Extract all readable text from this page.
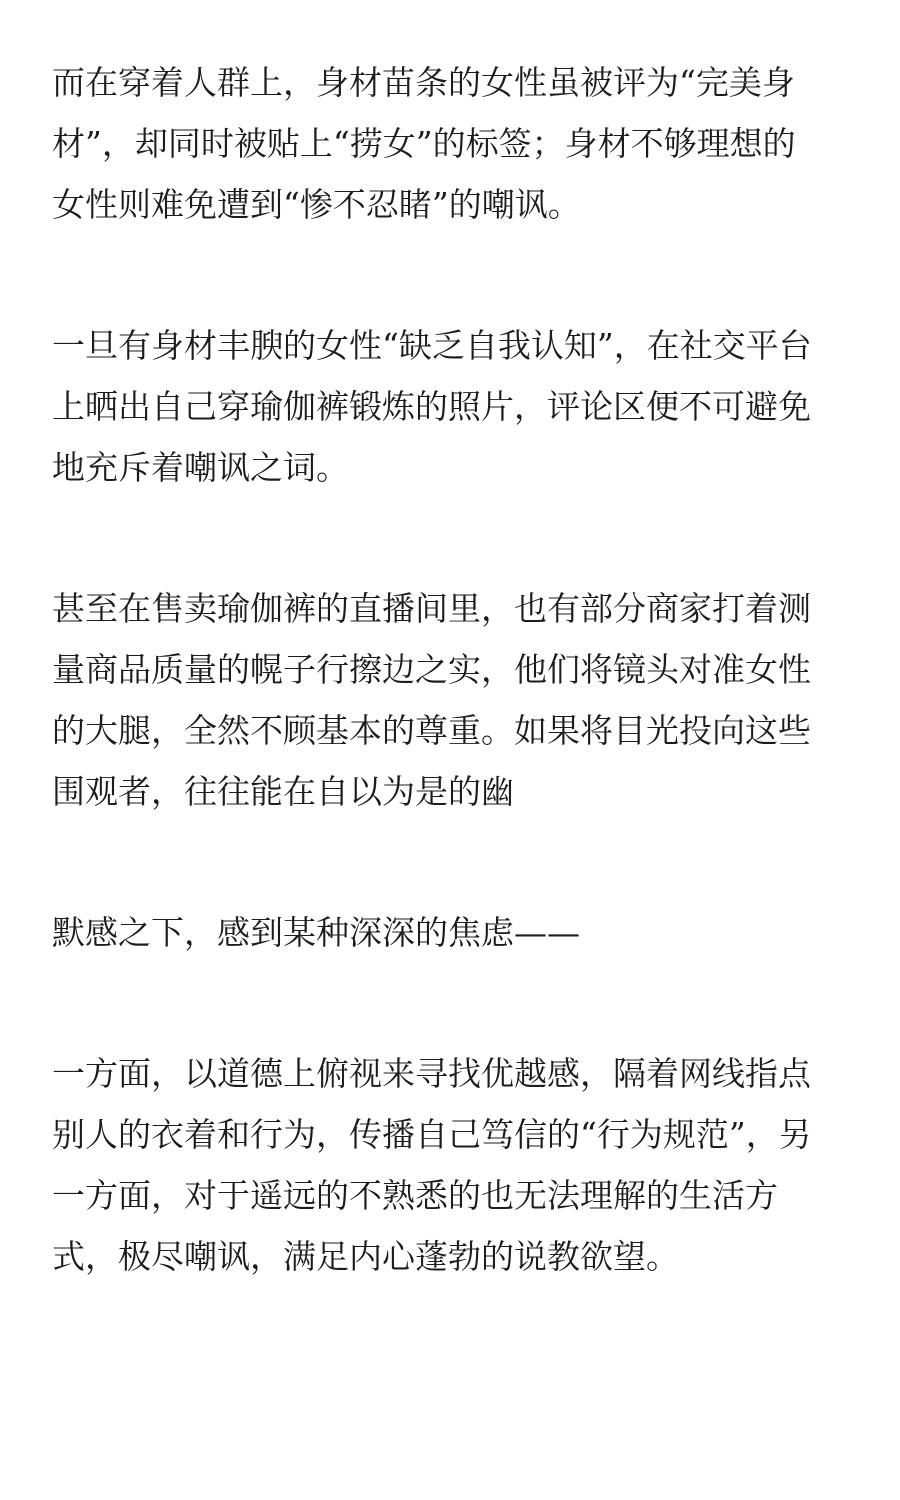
而在穿着人群上，身材苗条的女性虽被评为“完美身
材”，却同时被贴上“捞女”的标签；身材不够理想的
女性则难免遭到“惨不忍睹”的嘲讽。
一旦有身材丰腴的女性“缺乏自我认知”，在社交平台
上晒出自己穿瑜伽裤锻炼的照片，评论区便不可避免
地充斥着嘲讽之词。
甚至在售卖瑜伽裤的直播间里，也有部分商家打着测
量商品质量的幌子行擦边之实，他们将镜头对准女性
的大腿，全然不顾基本的尊重。如果将目光投向这些
围观者，往往能在自以为是的幽
默感之下，感到某种深深的焦虑——
一方面，以道德上俯视来寻找优越感，隔着网线指点
别人的衣着和行为，传播自己笃信的“行为规范”，另
一方面，对于遥远的不熟悉的也无法理解的生活方
式，极尽嘲讽，满足内心蓬勃的说教欲望。
